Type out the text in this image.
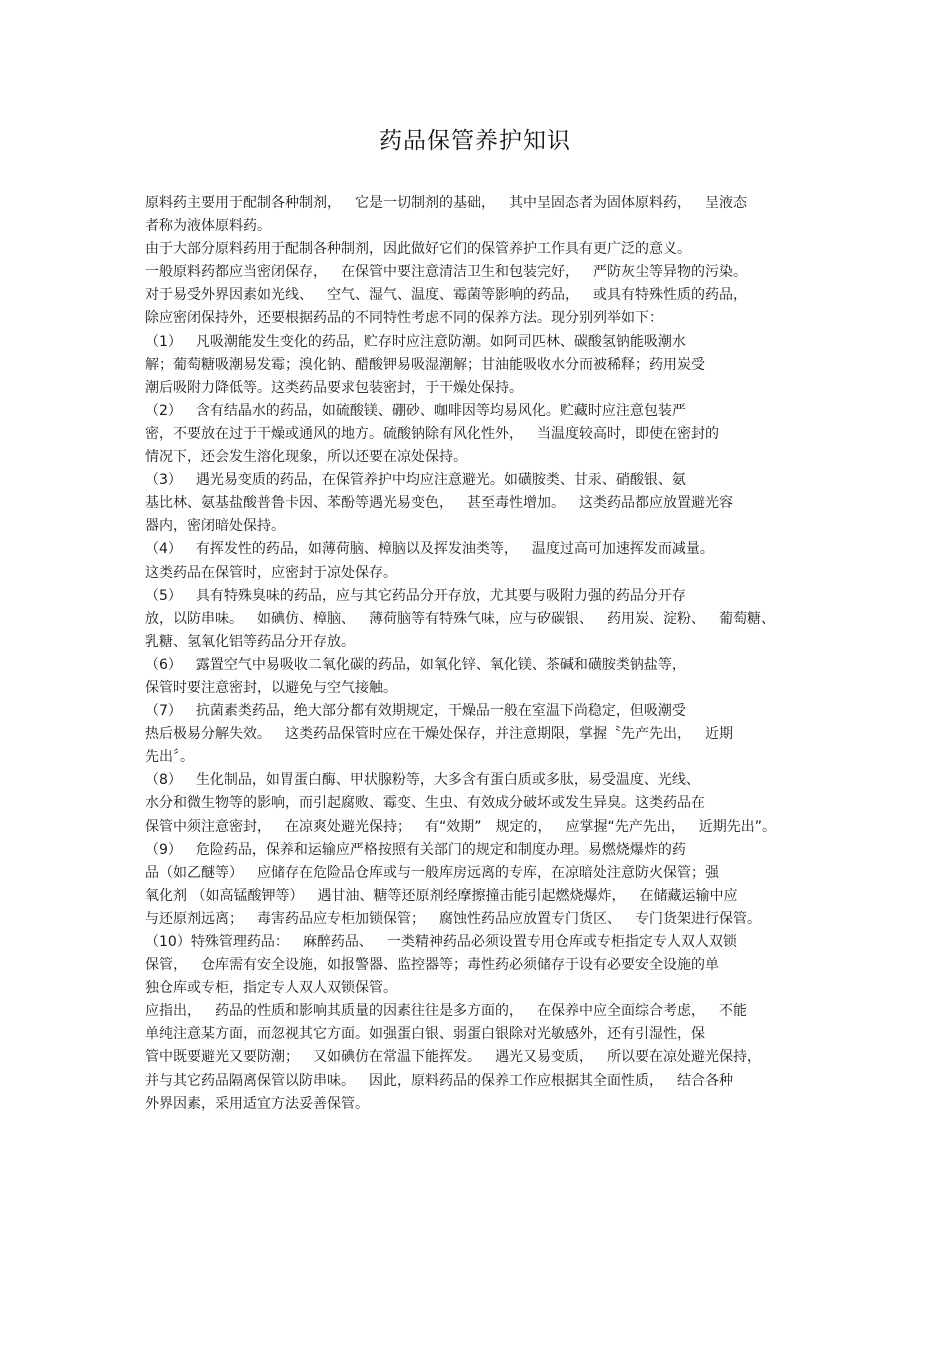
药品保管养护知识
原料药主要用于配制各种制剂， 它是一切制剂的基础， 其中呈固态者为固体原料药， 呈液态
者称为液体原料药。
由于大部分原料药用于配制各种制剂，因此做好它们的保管养护工作具有更广泛的意义。
一般原料药都应当密闭保存， 在保管中要注意清洁卫生和包装完好， 严防灰尘等异物的污染。
对于易受外界因素如光线、 空气、湿气、温度、霉菌等影响的药品， 或具有特殊性质的药品，
除应密闭保持外，还要根据药品的不同特性考虑不同的保养方法。现分别列举如下：
（1） 凡吸潮能发生变化的药品，贮存时应注意防潮。如阿司匹林、碳酸氢钠能吸潮水
解；葡萄糖吸潮易发霉；溴化钠、醋酸钾易吸湿潮解；甘油能吸收水分而被稀释；药用炭受
潮后吸附力降低等。这类药品要求包装密封，于干燥处保持。
（2） 含有结晶水的药品，如硫酸镁、硼砂、咖啡因等均易风化。贮藏时应注意包装严
密，不要放在过于干燥或通风的地方。硫酸钠除有风化性外， 当温度较高时，即使在密封的
情况下，还会发生溶化现象，所以还要在凉处保持。
（3） 遇光易变质的药品，在保管养护中均应注意避光。如磺胺类、甘汞、硝酸银、氨
基比林、氨基盐酸普鲁卡因、苯酚等遇光易变色， 甚至毒性增加。 这类药品都应放置避光容
器内，密闭暗处保持。
（4） 有挥发性的药品，如薄荷脑、樟脑以及挥发油类等， 温度过高可加速挥发而减量。
这类药品在保管时，应密封于凉处保存。
（5） 具有特殊臭味的药品，应与其它药品分开存放，尤其要与吸附力强的药品分开存
放，以防串味。 如碘仿、樟脑、 薄荷脑等有特殊气味，应与矽碳银、 药用炭、淀粉、 葡萄糖、
乳糖、氢氧化铝等药品分开存放。
（6） 露置空气中易吸收二氧化碳的药品，如氧化锌、氧化镁、茶碱和磺胺类钠盐等，
保管时要注意密封，以避免与空气接触。
（7） 抗菌素类药品，绝大部分都有效期规定，干燥品一般在室温下尚稳定，但吸潮受
热后极易分解失效。 这类药品保管时应在干燥处保存，并注意期限，掌握〝先产先出， 近期
先出〞。
（8） 生化制品，如胃蛋白酶、甲状腺粉等，大多含有蛋白质或多肽，易受温度、光线、
水分和微生物等的影响，而引起腐败、霉变、生虫、有效成分破坏或发生异臭。这类药品在
保管中须注意密封， 在凉爽处避光保持； 有“效期” 规定的， 应掌握“先产先出， 近期先出”。
（9） 危险药品，保养和运输应严格按照有关部门的规定和制度办理。易燃烧爆炸的药
品（如乙醚等） 应储存在危险品仓库或与一般库房远离的专库，在凉暗处注意防火保管；强
氧化剂 （如高锰酸钾等） 遇甘油、糖等还原剂经摩擦撞击能引起燃烧爆炸， 在储藏运输中应
与还原剂远离； 毒害药品应专柜加锁保管； 腐蚀性药品应放置专门货区、 专门货架进行保管。
（10）特殊管理药品： 麻醉药品、 一类精神药品必须设置专用仓库或专柜指定专人双人双锁
保管， 仓库需有安全设施，如报警器、监控器等；毒性药必须储存于设有必要安全设施的单
独仓库或专柜，指定专人双人双锁保管。
应指出， 药品的性质和影响其质量的因素往往是多方面的， 在保养中应全面综合考虑， 不能
单纯注意某方面，而忽视其它方面。如强蛋白银、弱蛋白银除对光敏感外，还有引湿性，保
管中既要避光又要防潮； 又如碘仿在常温下能挥发。 遇光又易变质， 所以要在凉处避光保持，
并与其它药品隔离保管以防串味。 因此，原料药品的保养工作应根据其全面性质， 结合各种
外界因素，采用适宜方法妥善保管。
